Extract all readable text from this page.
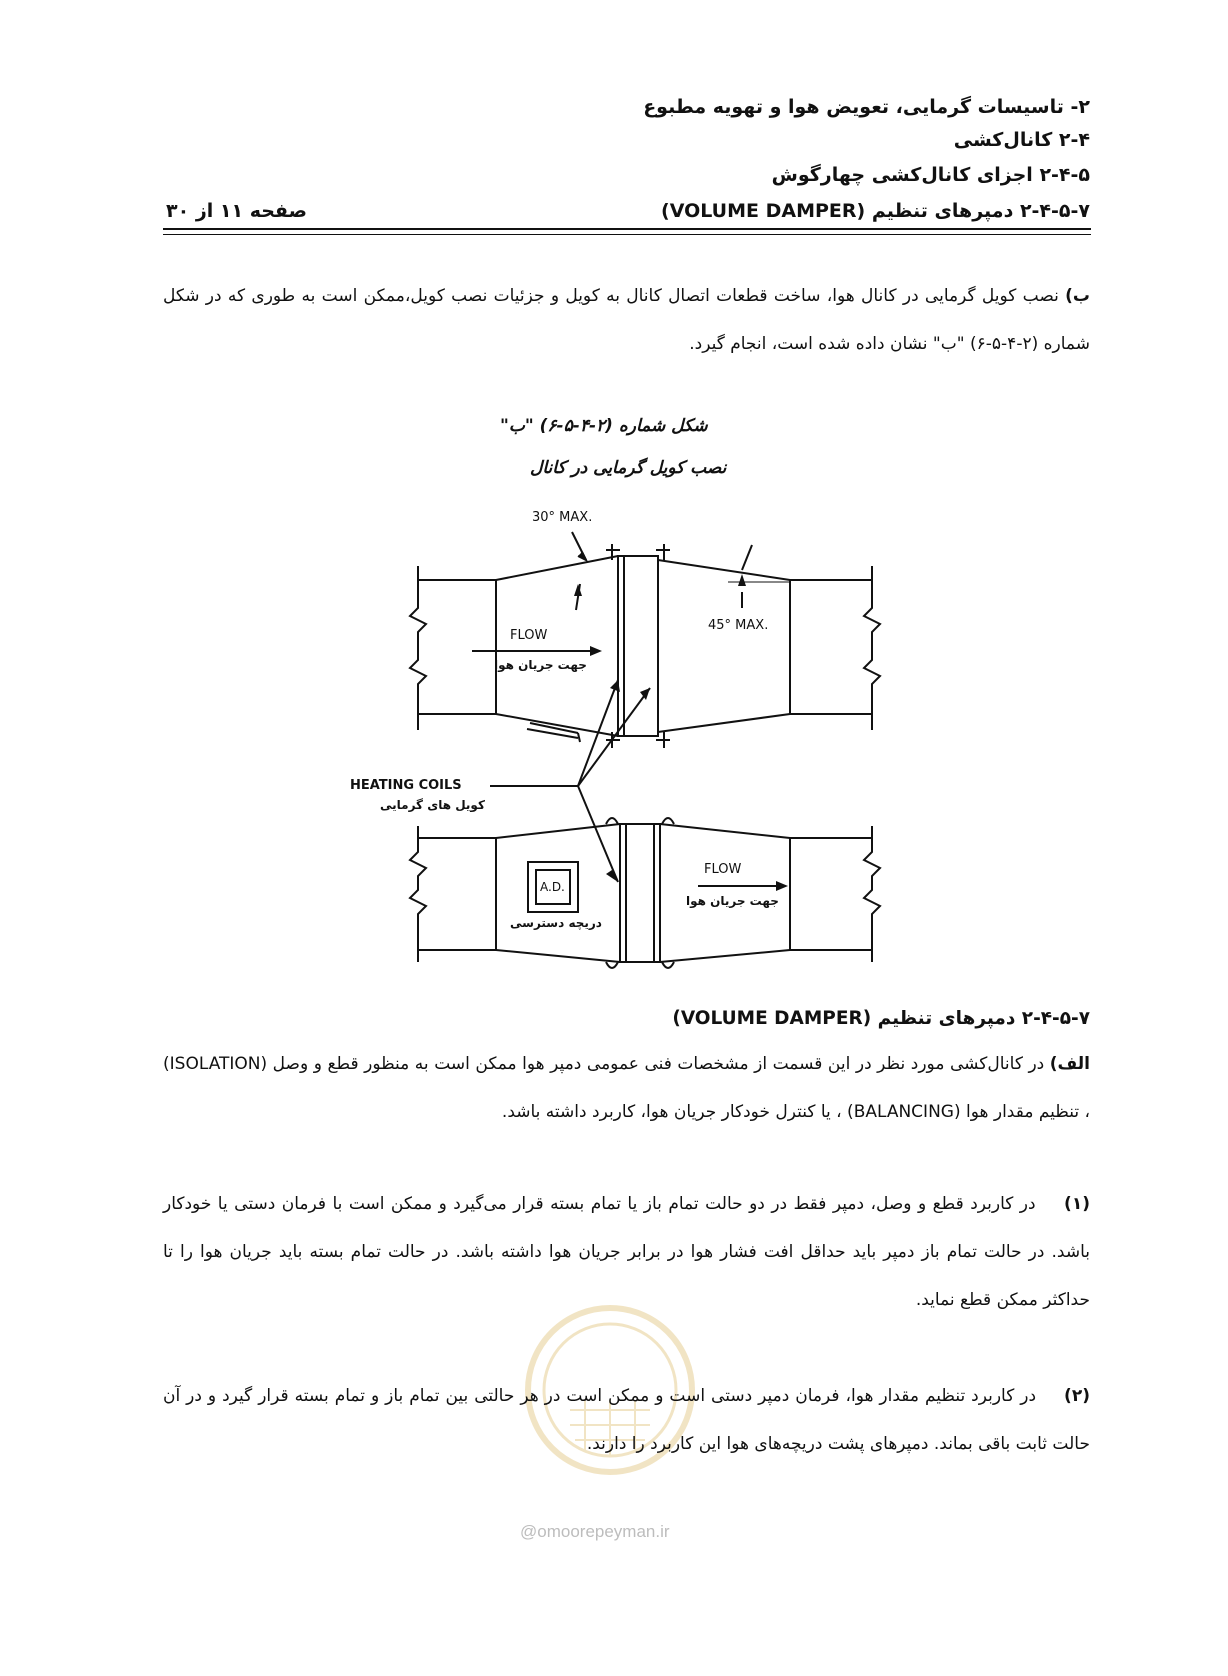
۲- تاسیسات گرمایی، تعویض هوا و تهویه مطبوع
۲-۴ کانال‌کشی
۲-۴-۵ اجزای کانال‌کشی چهارگوش
۲-۴-۵-۷ دمپرهای تنظیم (VOLUME DAMPER)
صفحه ۱۱ از ۳۰
ب) نصب کویل گرمایی در کانال هوا، ساخت قطعات اتصال کانال به کویل و جزئیات نصب کویل،ممکن است به طوری که در شکل شماره (۲-۴-۵-۶) "ب" نشان داده شده است، انجام گیرد.
شکل شماره (۲-۴-۵-۶) "ب"
نصب کویل گرمایی در کانال
30° MAX.
45° MAX.
FLOW
جهت جریان هوا
HEATING COILS
کویل های گرمایی
A.D.
دریچه دسترسی
FLOW
جهت جریان هوا
۲-۴-۵-۷ دمپرهای تنظیم (VOLUME DAMPER)
الف) در کانال‌کشی مورد نظر در این قسمت از مشخصات فنی عمومی دمپر هوا ممکن است به منظور قطع و وصل (ISOLATION) ، تنظیم مقدار هوا (BALANCING) ، یا کنترل خودکار جریان هوا، کاربرد داشته باشد.
(۱) در کاربرد قطع و وصل، دمپر فقط در دو حالت تمام باز یا تمام بسته قرار می‌گیرد و ممکن است با فرمان دستی یا خودکار باشد. در حالت تمام باز دمپر باید حداقل افت فشار هوا در برابر جریان هوا داشته باشد. در حالت تمام بسته باید جریان هوا را تا حداکثر ممکن قطع نماید.
@omoorepeyman.ir
(۲) در کاربرد تنظیم مقدار هوا، فرمان دمپر دستی است و ممکن است در هر حالتی بین تمام باز و تمام بسته قرار گیرد و در آن حالت ثابت باقی بماند. دمپرهای پشت دریچه‌های هوا این کاربرد را دارند.
